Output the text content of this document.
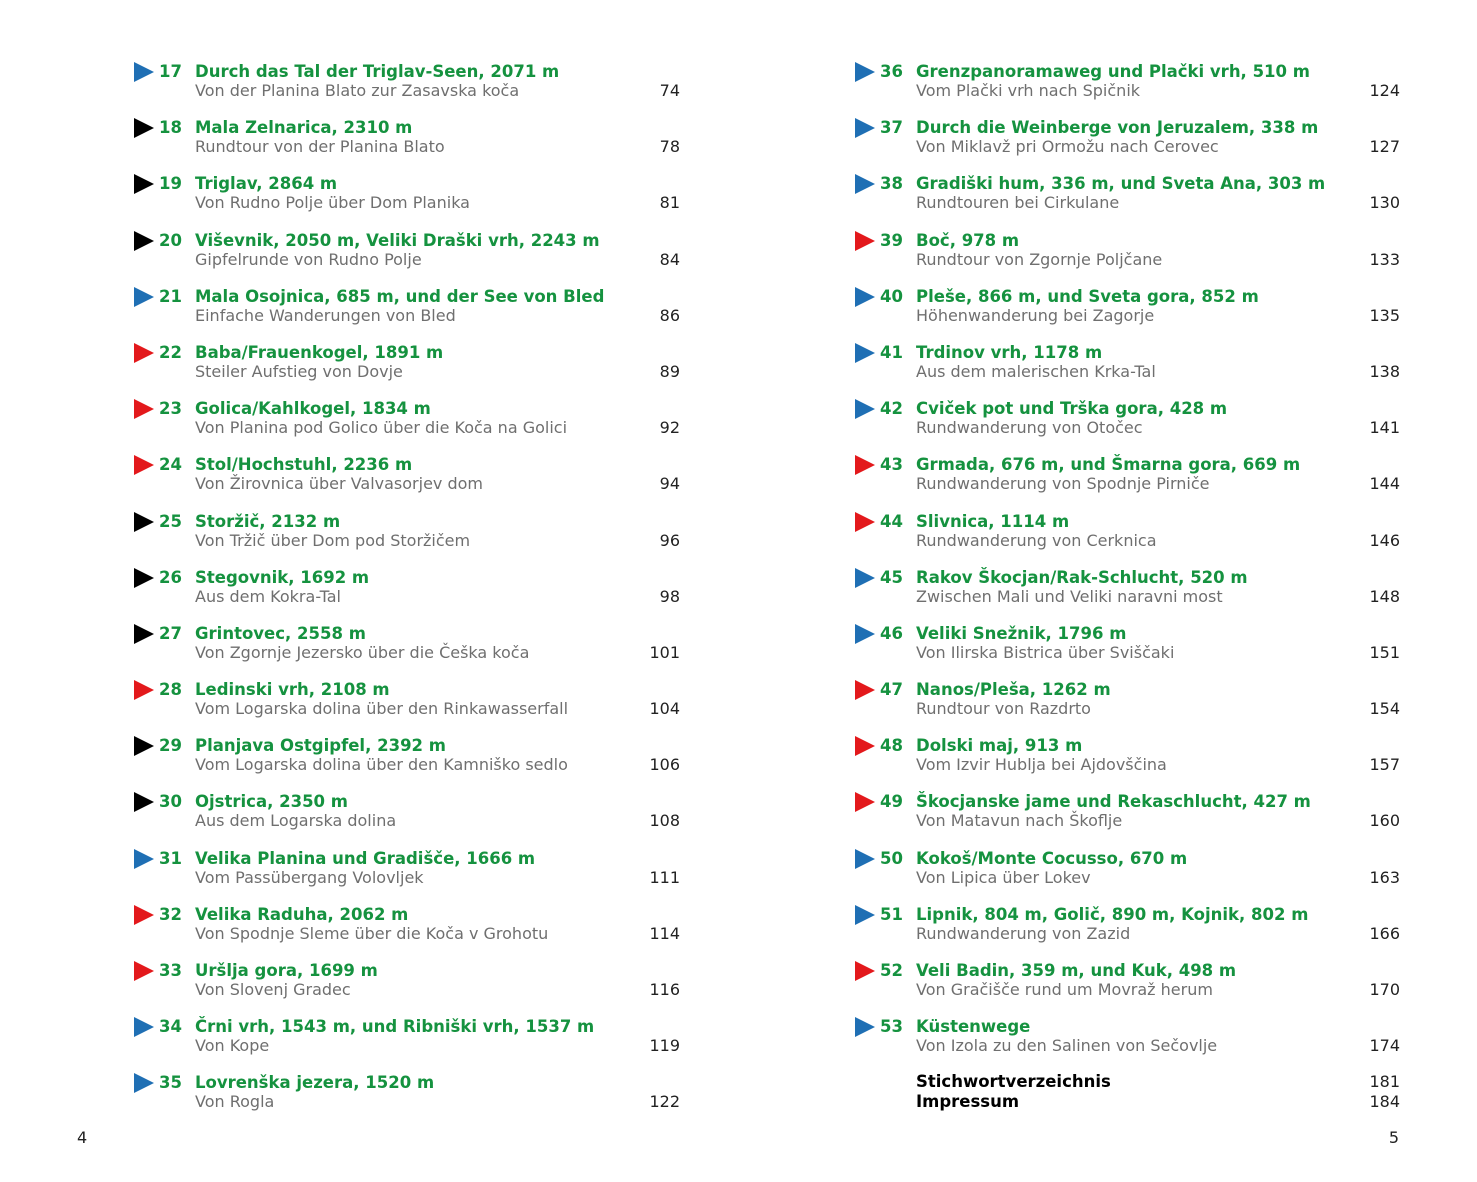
17 Durch das Tal der Triglav-Seen, 2071 m
Von der Planina Blato zur Zasavska koča	74
18 Mala Zelnarica, 2310 m
Rundtour von der Planina Blato	78
19 Triglav, 2864 m
Von Rudno Polje über Dom Planika	81
20 Viševnik, 2050 m, Veliki Draški vrh, 2243 m
Gipfelrunde von Rudno Polje	84
21 Mala Osojnica, 685 m, und der See von Bled
Einfache Wanderungen von Bled	86
22 Baba/Frauenkogel, 1891 m
Steiler Aufstieg von Dovje	89
23 Golica/Kahlkogel, 1834 m
Von Planina pod Golico über die Koča na Golici	92
24 Stol/Hochstuhl, 2236 m
Von Žirovnica über Valvasorjev dom	94
25 Storžič, 2132 m
Von Tržič über Dom pod Storžičem	96
26 Stegovnik, 1692 m
Aus dem Kokra-Tal	98
27 Grintovec, 2558 m
Von Zgornje Jezersko über die Češka koča	101
28 Ledinski vrh, 2108 m
Vom Logarska dolina über den Rinkawasserfall	104
29 Planjava Ostgipfel, 2392 m
Vom Logarska dolina über den Kamniško sedlo	106
30 Ojstrica, 2350 m
Aus dem Logarska dolina	108
31 Velika Planina und Gradišče, 1666 m
Vom Passübergang Volovljek	111
32 Velika Raduha, 2062 m
Von Spodnje Sleme über die Koča v Grohotu	114
33 Uršlja gora, 1699 m
Von Slovenj Gradec	116
34 Črni vrh, 1543 m, und Ribniški vrh, 1537 m
Von Kope	119
35 Lovrenška jezera, 1520 m
Von Rogla	122
36 Grenzpanoramaweg und Plački vrh, 510 m
Vom Plački vrh nach Spičnik	124
37 Durch die Weinberge von Jeruzalem, 338 m
Von Miklavž pri Ormožu nach Cerovec	127
38 Gradiški hum, 336 m, und Sveta Ana, 303 m
Rundtouren bei Cirkulane	130
39 Boč, 978 m
Rundtour von Zgornje Poljčane	133
40 Pleše, 866 m, und Sveta gora, 852 m
Höhenwanderung bei Zagorje	135
41 Trdinov vrh, 1178 m
Aus dem malerischen Krka-Tal	138
42 Cviček pot und Trška gora, 428 m
Rundwanderung von Otočec	141
43 Grmada, 676 m, und Šmarna gora, 669 m
Rundwanderung von Spodnje Pirniče	144
44 Slivnica, 1114 m
Rundwanderung von Cerknica	146
45 Rakov Škocjan/Rak-Schlucht, 520 m
Zwischen Mali und Veliki naravni most	148
46 Veliki Snežnik, 1796 m
Von Ilirska Bistrica über Sviščaki	151
47 Nanos/Pleša, 1262 m
Rundtour von Razdrto	154
48 Dolski maj, 913 m
Vom Izvir Hublja bei Ajdovščina	157
49 Škocjanske jame und Rekaschlucht, 427 m
Von Matavun nach Škoflje	160
50 Kokoš/Monte Cocusso, 670 m
Von Lipica über Lokev	163
51 Lipnik, 804 m, Golič, 890 m, Kojnik, 802 m
Rundwanderung von Zazid	166
52 Veli Badin, 359 m, und Kuk, 498 m
Von Gračišče rund um Movraž herum	170
53 Küstenwege
Von Izola zu den Salinen von Sečovlje	174
Stichwortverzeichnis	181
Impressum	184
4	5
